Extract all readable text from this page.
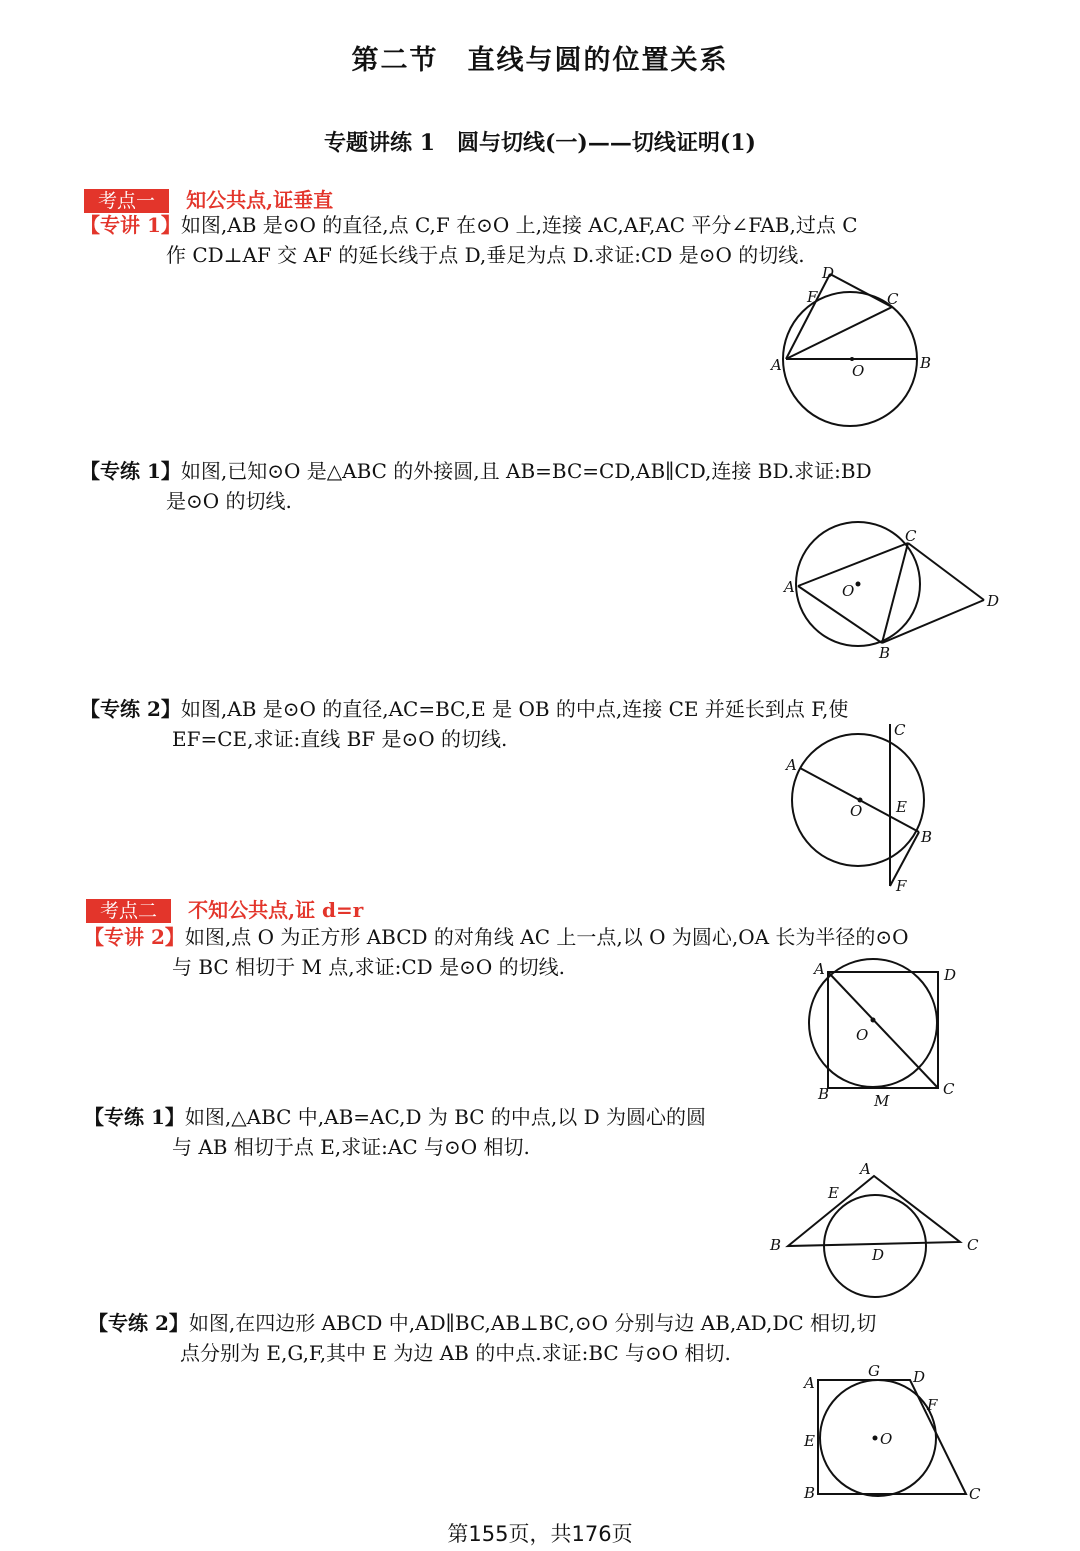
第二节　直线与圆的位置关系
专题讲练 1　圆与切线(一)——切线证明(1)
考点一 知公共点,证垂直
【专讲 1】如图,AB 是⊙O 的直径,点 C,F 在⊙O 上,连接 AC,AF,AC 平分∠FAB,过点 C
作 CD⊥AF 交 AF 的延长线于点 D,垂足为点 D.求证:CD 是⊙O 的切线.
D
F	C
A	O	B
【专练 1】如图,已知⊙O 是△ABC 的外接圆,且 AB=BC=CD,AB∥CD,连接 BD.求证:BD
是⊙O 的切线.
C
A	O
D
B
【专练 2】如图,AB 是⊙O 的直径,AC=BC,E 是 OB 的中点,连接 CE 并延长到点 F,使
EF=CE,求证:直线 BF 是⊙O 的切线.	C
A
O E
B
F
考点二 不知公共点,证 d=r
【专讲 2】如图,点 O 为正方形 ABCD 的对角线 AC 上一点,以 O 为圆心,OA 长为半径的⊙O
与 BC 相切于 M 点,求证:CD 是⊙O 的切线.	A	D
O
B	M
C
【专练 1】如图,△ABC 中,AB=AC,D 为 BC 的中点,以 D 为圆心的圆
与 AB 相切于点 E,求证:AC 与⊙O 相切.
A
E
B
D
C
【专练 2】如图,在四边形 ABCD 中,AD∥BC,AB⊥BC,⊙O 分别与边 AB,AD,DC 相切,切
点分别为 E,G,F,其中 E 为边 AB 的中点.求证:BC 与⊙O 相切.
G D
A
F
E	O
B	C
第155页，共176页
